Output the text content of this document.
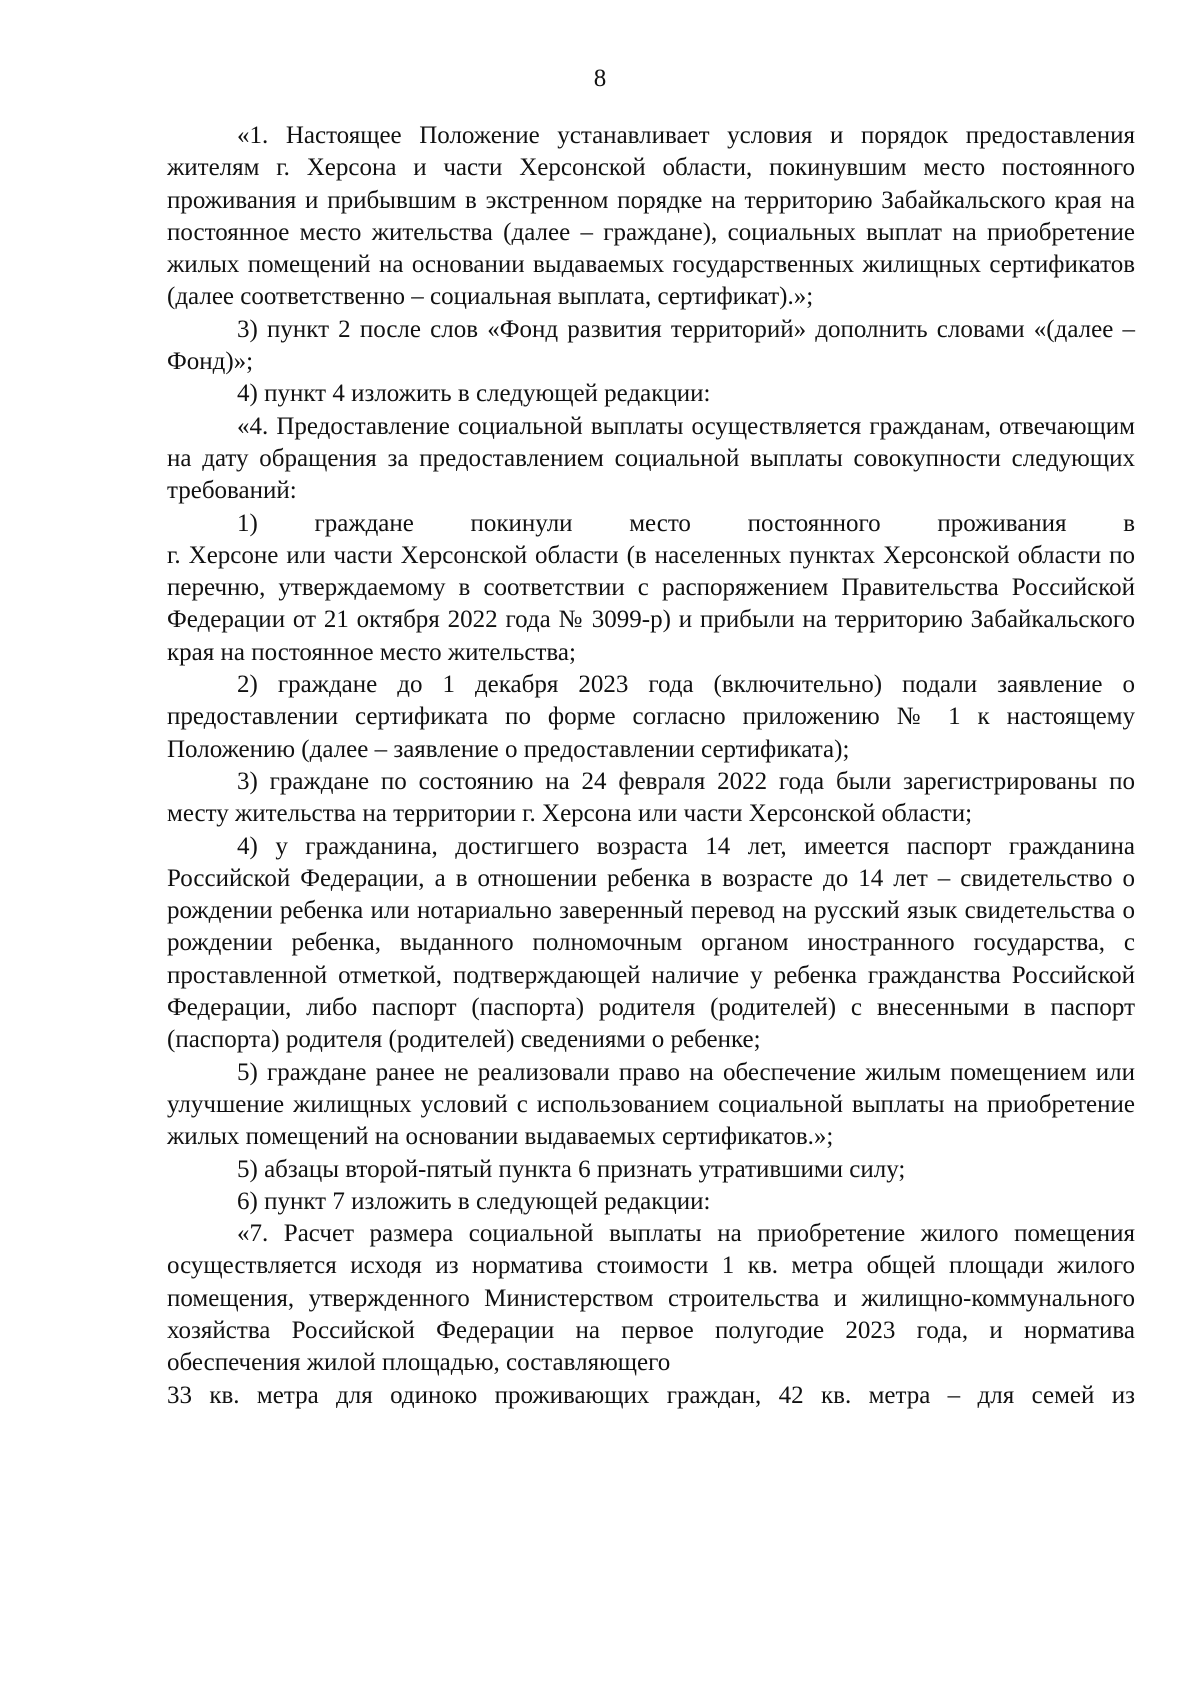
8

«1. Настоящее Положение устанавливает условия и порядок предоставления жителям г. Херсона и части Херсонской области, покинувшим место постоянного проживания и прибывшим в экстренном порядке на территорию Забайкальского края на постоянное место жительства (далее – граждане), социальных выплат на приобретение жилых помещений на основании выдаваемых государственных жилищных сертификатов (далее соответственно – социальная выплата, сертификат).»;

3) пункт 2 после слов «Фонд развития территорий» дополнить словами «(далее – Фонд)»;

4) пункт 4 изложить в следующей редакции:

«4. Предоставление социальной выплаты осуществляется гражданам, отвечающим на дату обращения за предоставлением социальной выплаты совокупности следующих требований:

1) граждане покинули место постоянного проживания в

г. Херсоне или части Херсонской области (в населенных пунктах Херсонской области по перечню, утверждаемому в соответствии с распоряжением Правительства Российской Федерации от 21 октября 2022 года № 3099-р) и прибыли на территорию Забайкальского края на постоянное место жительства;

2) граждане до 1 декабря 2023 года (включительно) подали заявление о предоставлении сертификата по форме согласно приложению № 1 к настоящему Положению (далее – заявление о предоставлении сертификата);

3) граждане по состоянию на 24 февраля 2022 года были зарегистрированы по месту жительства на территории г. Херсона или части Херсонской области;

4) у гражданина, достигшего возраста 14 лет, имеется паспорт гражданина Российской Федерации, а в отношении ребенка в возрасте до 14 лет – свидетельство о рождении ребенка или нотариально заверенный перевод на русский язык свидетельства о рождении ребенка, выданного полномочным органом иностранного государства, с проставленной отметкой, подтверждающей наличие у ребенка гражданства Российской Федерации, либо паспорт (паспорта) родителя (родителей) с внесенными в паспорт (паспорта) родителя (родителей) сведениями о ребенке;

5) граждане ранее не реализовали право на обеспечение жилым помещением или улучшение жилищных условий с использованием социальной выплаты на приобретение жилых помещений на основании выдаваемых сертификатов.»;

5) абзацы второй-пятый пункта 6 признать утратившими силу;

6) пункт 7 изложить в следующей редакции:

«7. Расчет размера социальной выплаты на приобретение жилого помещения осуществляется исходя из норматива стоимости 1 кв. метра общей площади жилого помещения, утвержденного Министерством строительства и жилищно-коммунального хозяйства Российской Федерации на первое полугодие 2023 года, и норматива обеспечения жилой площадью, составляющего

33 кв. метра для одиноко проживающих граждан, 42 кв. метра – для семей из
